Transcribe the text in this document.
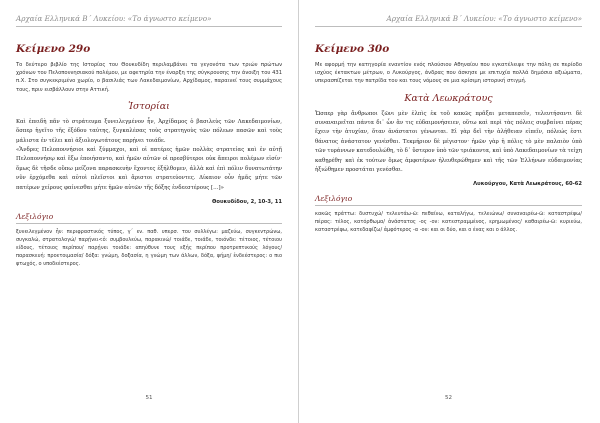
Αρχαία Ελληνικά Β΄ Λυκείου: «Το άγνωστο κείμενο»
Κείμενο 29ο
Το δεύτερο βιβλίο της Ιστορίας του Θουκυδίδη περιλαμβάνει τα γεγονότα των τριών πρώτων χρόνων του Πελοποννησιακού πολέμου, με αφετηρία την έναρξη της σύγκρουσης την άνοιξη του 431 π.Χ. Στο συγκεκριμένο χωρίο, ο βασιλιάς των Λακεδαιμονίων, Αρχίδαμος, παραινεί τους συμμάχους τους, πριν εισβάλλουν στην Αττική.
Ἱστορίαι

Καὶ ἐπειδὴ πᾶν τὸ στράτευμα ξυνειλεγμένον ἦν, Ἀρχίδαμος ὁ βασιλεὺς τῶν Λακεδαιμονίων, ὅσπερ ἡγεῖτο τῆς ἐξόδου ταύτης, ξυγκαλέσας τοὺς στρατηγοὺς τῶν πόλεων πασῶν καὶ τοὺς μάλιστα ἐν τέλει καὶ ἀξιολογωτάτους παρῄνει τοιάδε.

«Ἄνδρες Πελοποννήσιοι καὶ ξύμμαχοι, καὶ οἱ πατέρες ἡμῶν πολλὰς στρατείας καὶ ἐν αὐτῇ Πελοποννήσῳ καὶ ἔξω ἐποιήσαντο, καὶ ἡμῶν αὐτῶν οἱ πρεσβύτεροι οὐκ ἄπειροι πολέμων εἰσίν· ὅμως δὲ τῆσδε οὔπω μείζονα παρασκευὴν ἔχοντες ἐξήλθομεν, ἀλλὰ καὶ ἐπὶ πόλιν δυνατωτάτην νῦν ἐρχόμεθα καὶ αὐτοὶ πλεῖστοι καὶ ἄριστοι στρατεύοντες. Δίκαιον οὖν ἡμᾶς μήτε τῶν πατέρων χείρους φαίνεσθαι μήτε ἡμῶν αὐτῶν τῆς δόξης ἐνδεεστέρους […]»

Θουκυδίδου, 2, 10-3, 11
Λεξιλόγιο
ξυνειλεγμένον ἦν: περιφραστικός τύπος, γ΄ εν. παθ. υπερσ. του συλλέγω: μαζεύω, συγκεντρώνω, συγκαλώ, στρατολογώ/ παρῄνει<ὁ: συμβουλεύω, παρακινώ/ τοιάδε, τοιάδε, τοιόνδε: τέτοιος, τέτοιου είδους, τέτοιος περίπου/ παρῄνει τοιάδε: απηύθυνε τους εξής περίπου προτρεπτικούς λόγους/ παρασκευή: προετοιμασία/ δόξα: γνώμη, δοξασία, η γνώμη των άλλων, δόξα, φήμη/ ἐνδεέστερος: ο πιο φτωχός, ο υποδεέστερος.
51
Αρχαία Ελληνικά Β΄ Λυκείου: «Το άγνωστο κείμενο»
Κείμενο 30ο
Με αφορμή την κατηγορία εναντίον ενός πλούσιου Αθηναίου που εγκατέλειψε την πόλη σε περίοδο ισχύος έκτακτων μέτρων, ο Λυκούργος, άνδρας που άσκησε με επιτυχία πολλά δημόσια αξιώματα, υπερασπίζεται την πατρίδα του και τους νόμους σε μια κρίσιμη ιστορική στιγμή.
Κατὰ Λεωκράτους

Ὥσπερ γὰρ ἄνθρωποι ζῶνι μὲν ἐλπὶς ἐκ τοῦ κακῶς πρᾶξαι μεταπεσεῖν, τελευτήσαντι δὲ συναναιρεῖται πάντα δι᾽ ὧν ἄν τις εὐδαιμονήσειεν, οὕτω καὶ περὶ τὰς πόλεις συμβαίνει πέρας ἔχειν τὴν ἀτυχίαν, ὅταν ἀνάστατοι γένωνται. Εἰ γὰρ δεῖ τὴν ἀλήθειαν εἰπεῖν, πόλεώς ἐστι θάνατος ἀνάστατον γενέσθαι. Τεκμήριον δὲ μέγιστον· ἡμῶν γὰρ ἡ πόλις τὸ μὲν παλαιὸν ὑπὸ τῶν τυράννων κατεδουλώθη, τὸ δ᾽ ὕστερον ὑπὸ τῶν τριάκοντα, καὶ ὑπὸ Λακεδαιμονίων τὰ τείχη καθῃρέθη· καὶ ἐκ τούτων ὅμως ἀμφοτέρων ἠλευθερώθημεν καὶ τῆς τῶν Ἑλλήνων εὐδαιμονίας ἠξιώθημεν προστάται γενέσθαι.

Λυκούργου, Κατὰ Λεωκράτους, 60-62
Λεξιλόγιο
κακῶς πράττω: δυστυχώ/ τελευτάω-ῶ: πεθαίνω, καταλήγω, τελειώνω/ συναναιρέω-ῶ: καταστρέφω/ πέρας: τέλος, κατόρθωμα/ ἀνάστατος -ος -ον: κατεστραμμένος, ερημωμένος/ καθαιρέω-ῶ: κυριεύω, καταστρέφω, κατεδαφίζω/ ἀμφότερος -α -ον: και οι δύο, και ο ένας και ο άλλος.
52
